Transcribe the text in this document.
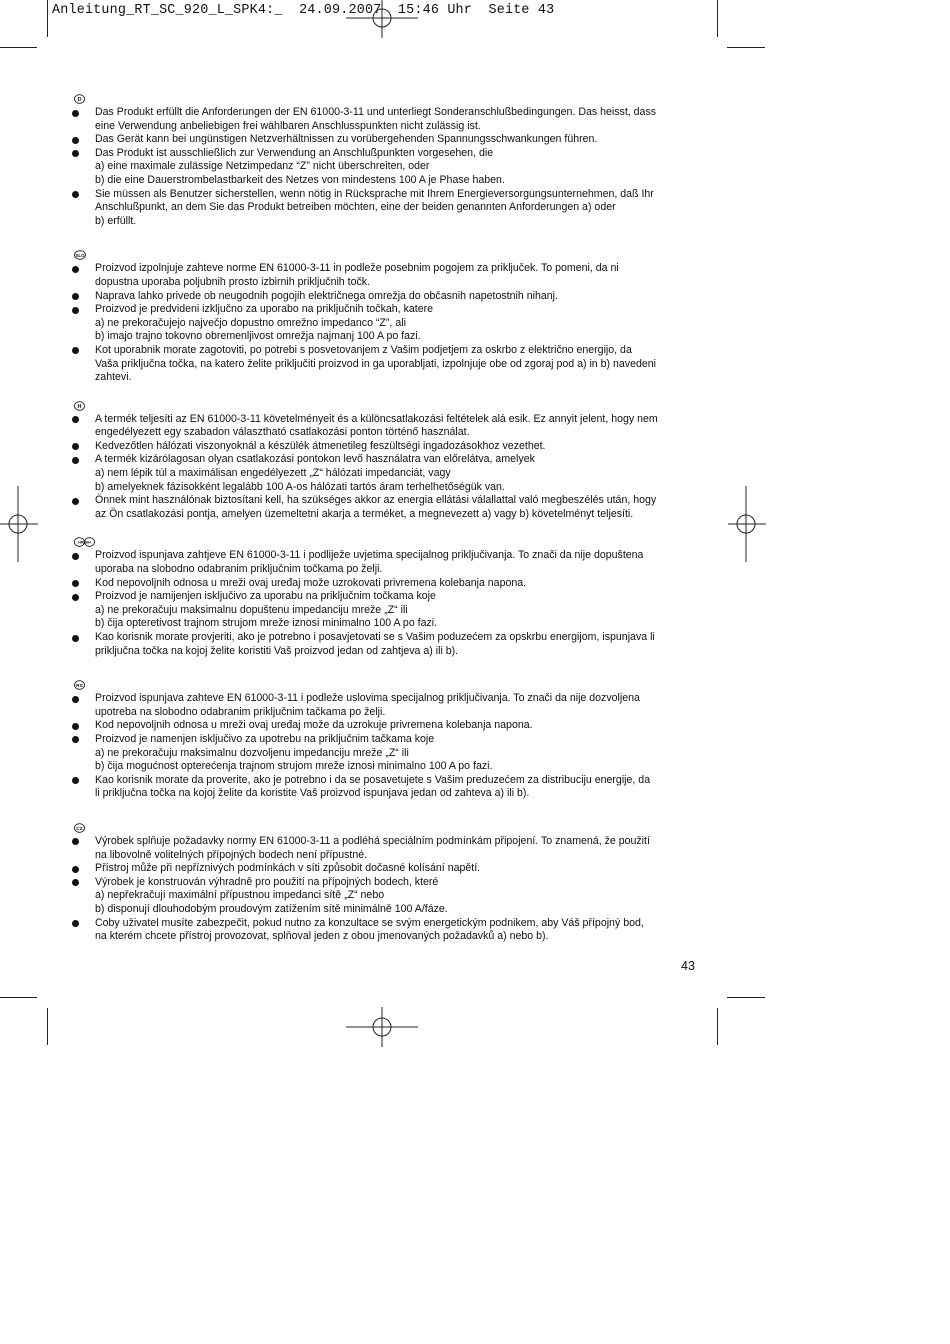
Anleitung_RT_SC_920_L_SPK4:_  24.09.2007  15:46 Uhr  Seite 43
D
Das Produkt erfüllt die Anforderungen der EN 61000-3-11 und unterliegt Sonderanschlußbedingungen. Das heisst, dass
eine Verwendung anbeliebigen frei wählbaren Anschlusspunkten nicht zulässig ist.
Das Gerät kann bei ungünstigen Netzverhältnissen zu vorübergehenden Spannungsschwankungen führen.
Das Produkt ist ausschließlich zur Verwendung an Anschlußpunkten vorgesehen, die
a) eine maximale zulässige Netzimpedanz “Z” nicht überschreiten, oder
b) die eine Dauerstrombelastbarkeit des Netzes von mindestens 100 A je Phase haben.
Sie müssen als Benutzer sicherstellen, wenn nötig in Rücksprache mit Ihrem Energieversorgungsunternehmen, daß Ihr
Anschlußpunkt, an dem Sie das Produkt betreiben möchten, eine der beiden genannten Anforderungen a) oder
b) erfüllt.
SLO
Proizvod izpolnjuje zahteve norme EN 61000-3-11 in podleže posebnim pogojem za priključek. To pomeni, da ni
dopustna uporaba poljubnih prosto izbirnih priključnih točk.
Naprava lahko privede ob neugodnih pogojih električnega omrežja do občasnih napetostnih nihanj.
Proizvod je predvideni izključno za uporabo na priključnih točkah, katere
a) ne prekoračujejo največjo dopustno omrežno impedanco “Z”, ali
b) imajo trajno tokovno obremenljivost omrežja najmanj 100 A po fazi.
Kot uporabnik morate zagotoviti, po potrebi s posvetovanjem z Vašim podjetjem za oskrbo z električno energijo, da
Vaša priključna točka, na katero želite priključiti proizvod in ga uporabljati, izpolnjuje obe od zgoraj pod a) in b) navedeni
zahtevi.
H
A termék teljesíti az EN 61000-3-11 követelményeit és a különcsatlakozási feltételek alá esik. Ez annyit jelent, hogy nem
engedélyezett egy szabadon választható csatlakozási ponton történő használat.
Kedvezőtlen hálózati viszonyoknál a készülék átmenetileg feszültségi ingadozásokhoz vezethet.
A termék kizárólagosan olyan csatlakozási pontokon levő használatra van előrelátva, amelyek
a) nem lépik túl a maximálisan engedélyezett „Z“ hálózati impedanciát, vagy
b) amelyeknek fázisokként legalább 100 A-os hálózati tartós áram terhelhetőségük van.
Önnek mint használónak biztosítani kell, ha szükséges akkor az energia ellátási válallattal való megbeszélés után, hogy
az Ön csatlakozási pontja, amelyen üzemeltetni akarja a terméket, a megnevezett a) vagy b) követelményt teljesíti.
HR/BIH
Proizvod ispunjava zahtjeve EN 61000-3-11 i podliježe uvjetima specijalnog priključivanja. To znači da nije dopuštena
uporaba na slobodno odabranim priključnim točkama po želji.
Kod nepovoljnih odnosa u mreži ovaj uređaj može uzrokovati privremena kolebanja napona.
Proizvod je namijenjen isključivo za uporabu na priključnim točkama koje
a) ne prekoračuju maksimalnu dopuštenu impedanciju mreže „Z“ ili
b) čija opteretivost trajnom strujom mreže iznosi minimalno 100 A po fazi.
Kao korisnik morate provjeriti, ako je potrebno i posavjetovati se s Vašim poduzećem za opskrbu energijom, ispunjava li
priključna točka na kojoj želite koristiti Vaš proizvod jedan od zahtjeva a) ili b).
RS
Proizvod ispunjava zahteve EN 61000-3-11 i podleže uslovima specijalnog priključivanja. To znači da nije dozvoljena
upotreba na slobodno odabranim priključnim tačkama po želji.
Kod nepovoljnih odnosa u mreži ovaj uređaj može da uzrokuje privremena kolebanja napona.
Proizvod je namenjen isključivo za upotrebu na priključnim tačkama koje
a) ne prekoračuju maksimalnu dozvoljenu impedanciju mreže „Z“ ili
b) čija mogućnost opterećenja trajnom strujom mreže iznosi minimalno 100 A po fazi.
Kao korisnik morate da proverite, ako je potrebno i da se posavetujete s Vašim preduzećem za distribuciju energije, da
li priključna točka na kojoj želite da koristite Vaš proizvod ispunjava jedan od zahteva a) ili b).
CZ
Výrobek splňuje požadavky normy EN 61000-3-11 a podléhá speciálním podmínkám připojení. To znamená, že použití
na libovolně volitelných přípojných bodech není přípustné.
Přístroj může při nepříznivých podmínkách v síti způsobit dočasné kolísání napětí.
Výrobek je konstruován výhradně pro použití na přípojných bodech, které
a) nepřekračují maximální přípustnou impedanci sítě „Z“ nebo
b) disponují dlouhodobým proudovým zatížením sítě minimálně 100 A/fáze.
Coby uživatel musíte zabezpečit, pokud nutno za konzultace se svým energetickým podnikem, aby Váš přípojný bod,
na kterém chcete přístroj provozovat, splňoval jeden z obou jmenovaných požadavků a) nebo b).
43
